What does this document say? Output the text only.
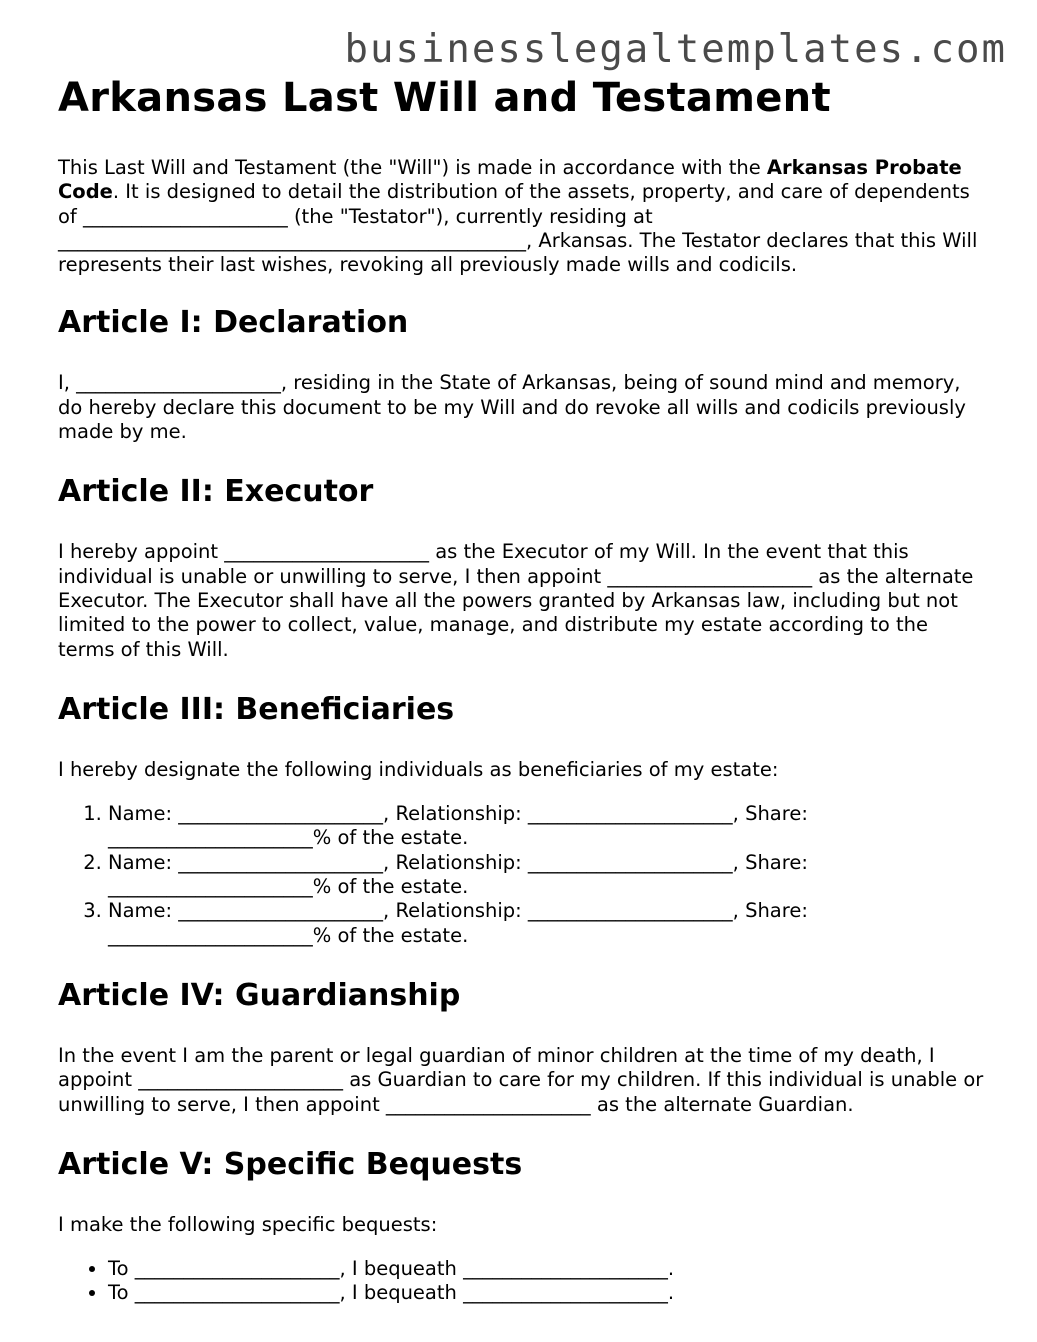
businesslegaltemplates.com
Arkansas Last Will and Testament

This Last Will and Testament (the "Will") is made in accordance with the Arkansas Probate Code. It is designed to detail the distribution of the assets, property, and care of dependents of _____________________ (the "Testator"), currently residing at ________________________________________________, Arkansas. The Testator declares that this Will represents their last wishes, revoking all previously made wills and codicils.

Article I: Declaration

I, _____________________, residing in the State of Arkansas, being of sound mind and memory, do hereby declare this document to be my Will and do revoke all wills and codicils previously made by me.

Article II: Executor

I hereby appoint _____________________ as the Executor of my Will. In the event that this individual is unable or unwilling to serve, I then appoint _____________________ as the alternate Executor. The Executor shall have all the powers granted by Arkansas law, including but not limited to the power to collect, value, manage, and distribute my estate according to the terms of this Will.

Article III: Beneficiaries

I hereby designate the following individuals as beneficiaries of my estate:

1. Name: _____________________, Relationship: _____________________, Share: _____________________% of the estate.
2. Name: _____________________, Relationship: _____________________, Share: _____________________% of the estate.
3. Name: _____________________, Relationship: _____________________, Share: _____________________% of the estate.
Article IV: Guardianship

In the event I am the parent or legal guardian of minor children at the time of my death, I appoint _____________________ as Guardian to care for my children. If this individual is unable or unwilling to serve, I then appoint _____________________ as the alternate Guardian.

Article V: Specific Bequests

I make the following specific bequests:

• To _____________________, I bequeath _____________________.
• To _____________________, I bequeath _____________________.
